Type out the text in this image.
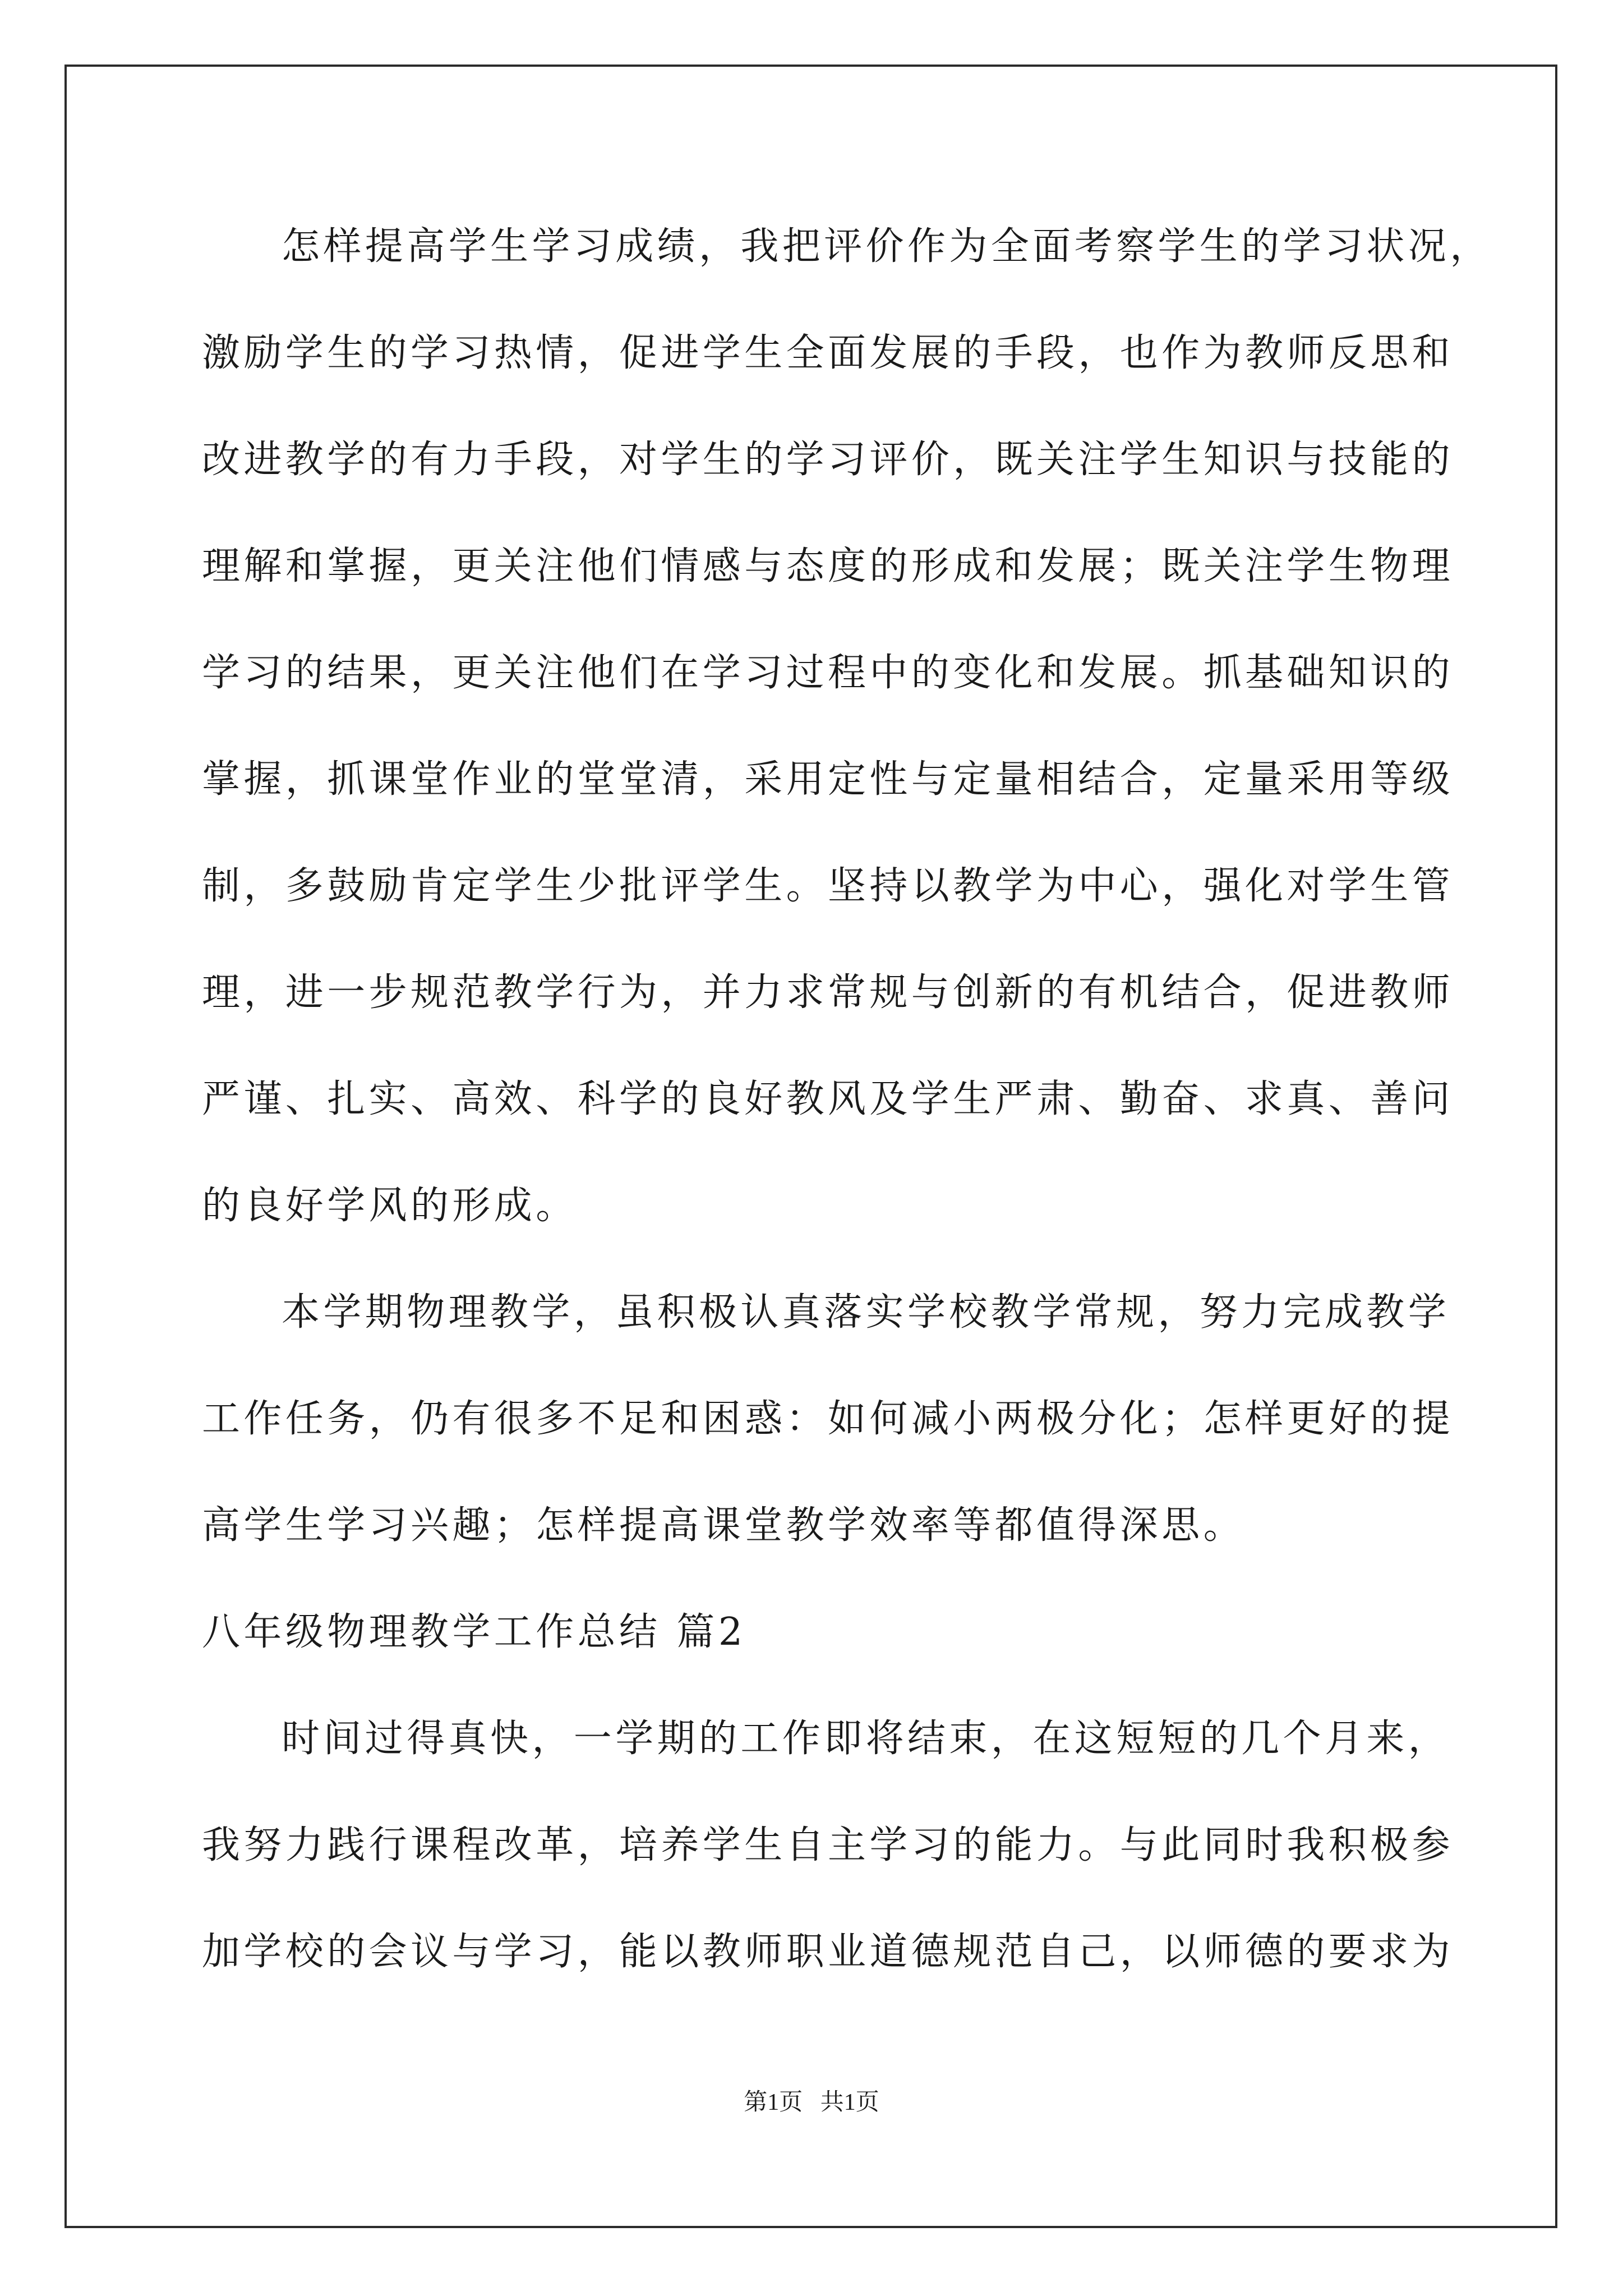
怎样提高学生学习成绩，我把评价作为全面考察学生的学习状况，
激励学生的学习热情，促进学生全面发展的手段，也作为教师反思和
改进教学的有力手段，对学生的学习评价，既关注学生知识与技能的
理解和掌握，更关注他们情感与态度的形成和发展；既关注学生物理
学习的结果，更关注他们在学习过程中的变化和发展。抓基础知识的
掌握，抓课堂作业的堂堂清，采用定性与定量相结合，定量采用等级
制，多鼓励肯定学生少批评学生。坚持以教学为中心，强化对学生管
理，进一步规范教学行为，并力求常规与创新的有机结合，促进教师
严谨、扎实、高效、科学的良好教风及学生严肃、勤奋、求真、善问
的良好学风的形成。
本学期物理教学，虽积极认真落实学校教学常规，努力完成教学
工作任务，仍有很多不足和困惑：如何减小两极分化；怎样更好的提
高学生学习兴趣；怎样提高课堂教学效率等都值得深思。
八年级物理教学工作总结 篇2
时间过得真快，一学期的工作即将结束，在这短短的几个月来，
我努力践行课程改革，培养学生自主学习的能力。与此同时我积极参
加学校的会议与学习，能以教师职业道德规范自己，以师德的要求为
第1页 共1页
